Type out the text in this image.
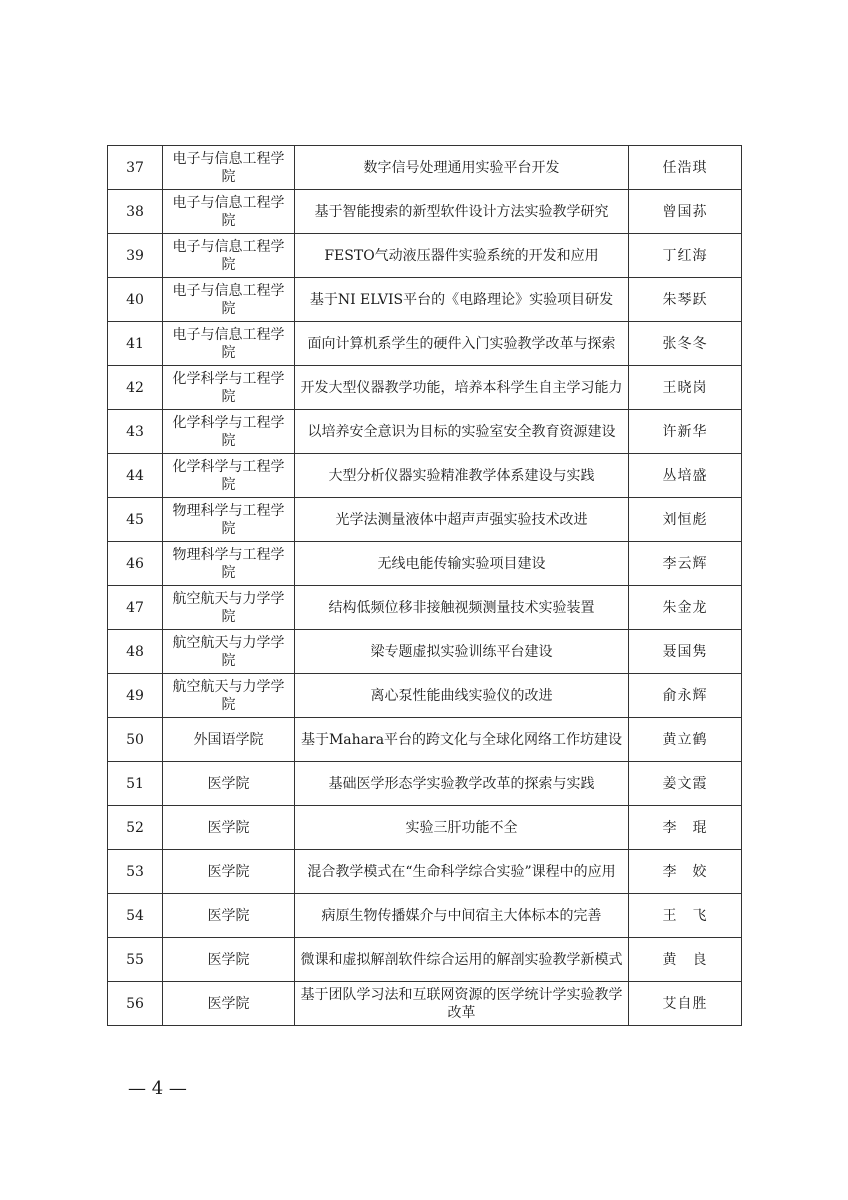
37	电子与信息工程学院	数字信号处理通用实验平台开发	任浩琪
38	电子与信息工程学院	基于智能搜索的新型软件设计方法实验教学研究	曾国荪
39	电子与信息工程学院	FESTO气动液压器件实验系统的开发和应用	丁红海
40	电子与信息工程学院	基于NI ELVIS平台的《电路理论》实验项目研发	朱琴跃
41	电子与信息工程学院	面向计算机系学生的硬件入门实验教学改革与探索	张冬冬
42	化学科学与工程学院	开发大型仪器教学功能，培养本科学生自主学习能力	王晓岗
43	化学科学与工程学院	以培养安全意识为目标的实验室安全教育资源建设	许新华
44	化学科学与工程学院	大型分析仪器实验精准教学体系建设与实践	丛培盛
45	物理科学与工程学院	光学法测量液体中超声声强实验技术改进	刘恒彪
46	物理科学与工程学院	无线电能传输实验项目建设	李云辉
47	航空航天与力学学院	结构低频位移非接触视频测量技术实验装置	朱金龙
48	航空航天与力学学院	梁专题虚拟实验训练平台建设	聂国隽
49	航空航天与力学学院	离心泵性能曲线实验仪的改进	俞永辉
50	外国语学院	基于Mahara平台的跨文化与全球化网络工作坊建设	黄立鹤
51	医学院	基础医学形态学实验教学改革的探索与实践	姜文霞
52	医学院	实验三肝功能不全	李　琨
53	医学院	混合教学模式在“生命科学综合实验”课程中的应用	李　姣
54	医学院	病原生物传播媒介与中间宿主大体标本的完善	王　飞
55	医学院	微课和虚拟解剖软件综合运用的解剖实验教学新模式	黄　良
56	医学院	基于团队学习法和互联网资源的医学统计学实验教学改革	艾自胜
— 4 —
